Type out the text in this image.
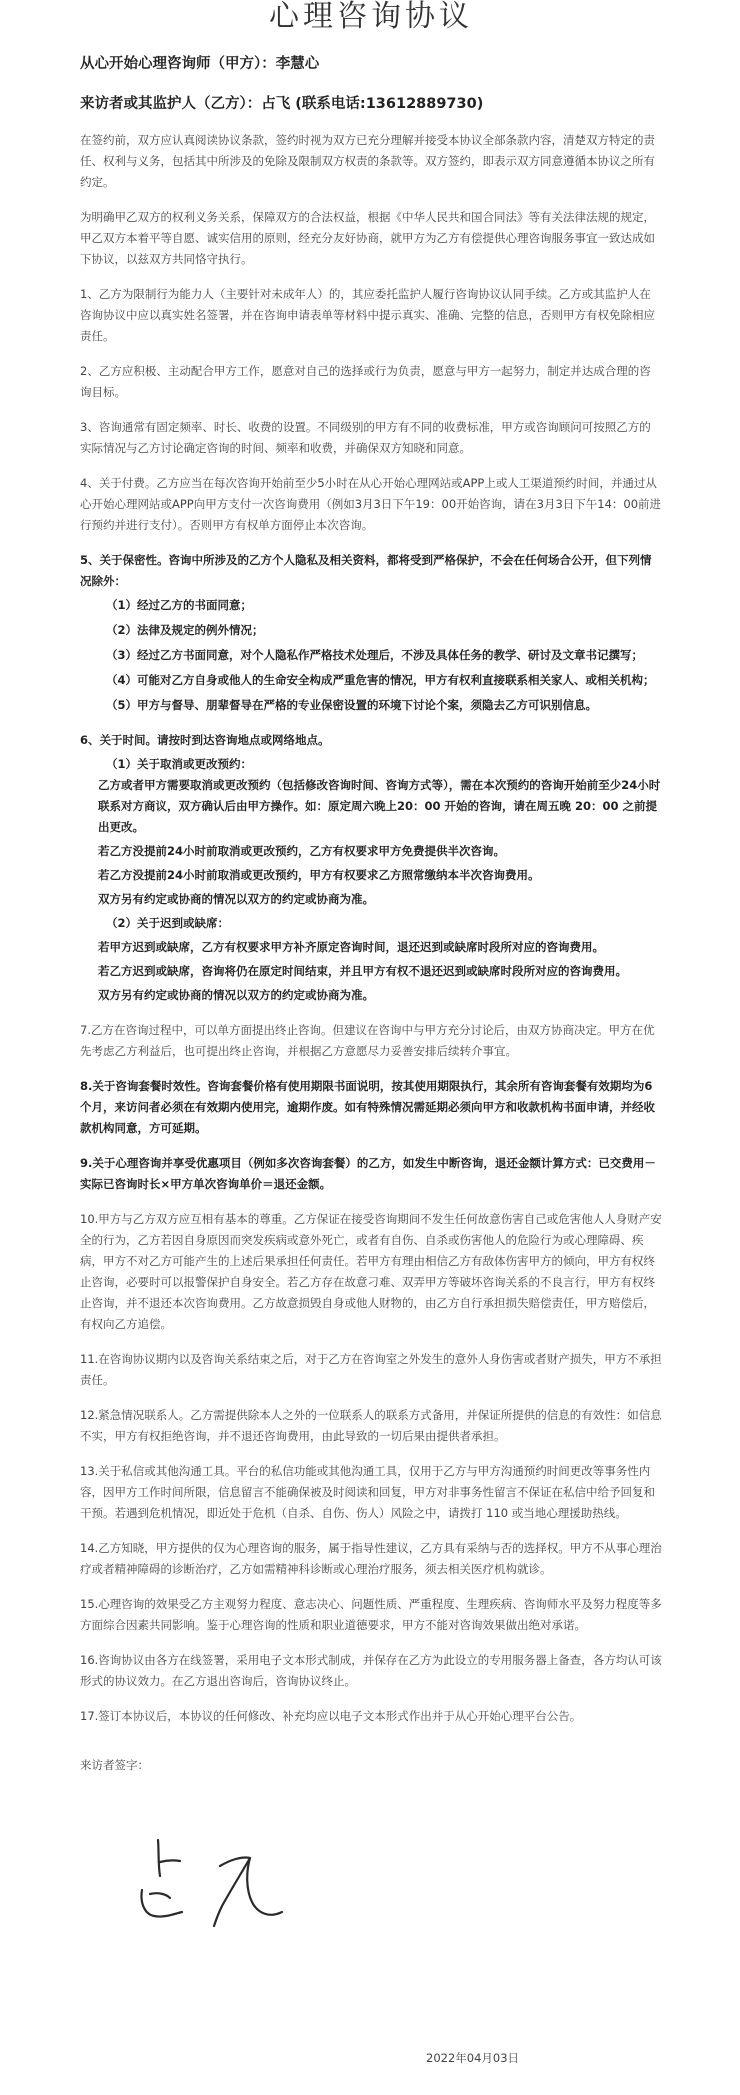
心理咨询协议
从心开始心理咨询师（甲方）：李慧心
来访者或其监护人（乙方）：占飞 (联系电话:13612889730)

在签约前，双方应认真阅读协议条款，签约时视为双方已充分理解并接受本协议全部条款内容，清楚双方特定的责任、权利与义务，包括其中所涉及的免除及限制双方权责的条款等。双方签约，即表示双方同意遵循本协议之所有约定。

为明确甲乙双方的权利义务关系，保障双方的合法权益，根据《中华人民共和国合同法》等有关法律法规的规定，甲乙双方本着平等自愿、诚实信用的原则，经充分友好协商，就甲方为乙方有偿提供心理咨询服务事宜一致达成如下协议，以兹双方共同恪守执行。

1、乙方为限制行为能力人（主要针对未成年人）的，其应委托监护人履行咨询协议认同手续。乙方或其监护人在咨询协议中应以真实姓名签署，并在咨询申请表单等材料中提示真实、准确、完整的信息，否则甲方有权免除相应责任。

2、乙方应积极、主动配合甲方工作，愿意对自己的选择或行为负责，愿意与甲方一起努力，制定并达成合理的咨询目标。

3、咨询通常有固定频率、时长、收费的设置。不同级别的甲方有不同的收费标准，甲方或咨询顾问可按照乙方的实际情况与乙方讨论确定咨询的时间、频率和收费，并确保双方知晓和同意。

4、关于付费。乙方应当在每次咨询开始前至少5小时在从心开始心理网站或APP上或人工渠道预约时间，并通过从心开始心理网站或APP向甲方支付一次咨询费用（例如3月3日下午19：00开始咨询，请在3月3日下午14：00前进行预约并进行支付）。否则甲方有权单方面停止本次咨询。

5、关于保密性。咨询中所涉及的乙方个人隐私及相关资料，都将受到严格保护，不会在任何场合公开，但下列情况除外：

（1）经过乙方的书面同意；
（2）法律及规定的例外情况；
（3）经过乙方书面同意，对个人隐私作严格技术处理后，不涉及具体任务的教学、研讨及文章书记撰写；
（4）可能对乙方自身或他人的生命安全构成严重危害的情况，甲方有权利直接联系相关家人、或相关机构；
（5）甲方与督导、朋辈督导在严格的专业保密设置的环境下讨论个案，须隐去乙方可识别信息。

6、关于时间。请按时到达咨询地点或网络地点。

（1）关于取消或更改预约：
乙方或者甲方需要取消或更改预约（包括修改咨询时间、咨询方式等），需在本次预约的咨询开始前至少24小时联系对方商议，双方确认后由甲方操作。如：原定周六晚上20：00 开始的咨询，请在周五晚 20：00 之前提出更改。
若乙方没提前24小时前取消或更改预约，乙方有权要求甲方免费提供半次咨询。
若乙方没提前24小时前取消或更改预约，甲方有权要求乙方照常缴纳本半次咨询费用。
双方另有约定或协商的情况以双方的约定或协商为准。
（2）关于迟到或缺席：
若甲方迟到或缺席，乙方有权要求甲方补齐原定咨询时间，退还迟到或缺席时段所对应的咨询费用。
若乙方迟到或缺席，咨询将仍在原定时间结束，并且甲方有权不退还迟到或缺席时段所对应的咨询费用。
双方另有约定或协商的情况以双方的约定或协商为准。

7.乙方在咨询过程中，可以单方面提出终止咨询。但建议在咨询中与甲方充分讨论后，由双方协商决定。甲方在优先考虑乙方利益后，也可提出终止咨询，并根据乙方意愿尽力妥善安排后续转介事宜。

8.关于咨询套餐时效性。咨询套餐价格有使用期限书面说明，按其使用期限执行，其余所有咨询套餐有效期均为6个月，来访问者必须在有效期内使用完，逾期作废。如有特殊情况需延期必须向甲方和收款机构书面申请，并经收款机构同意，方可延期。

9.关于心理咨询并享受优惠项目（例如多次咨询套餐）的乙方，如发生中断咨询，退还金额计算方式：已交费用－实际已咨询时长×甲方单次咨询单价＝退还金额。

10.甲方与乙方双方应互相有基本的尊重。乙方保证在接受咨询期间不发生任何故意伤害自己或危害他人人身财产安全的行为，乙方若因自身原因而突发疾病或意外死亡，或者有自伤、自杀或伤害他人的危险行为或心理障碍、疾病，甲方不对乙方可能产生的上述后果承担任何责任。若甲方有理由相信乙方有敌体伤害甲方的倾向，甲方有权终止咨询，必要时可以报警保护自身安全。若乙方存在故意刁难、双弄甲方等破坏咨询关系的不良言行，甲方有权终止咨询，并不退还本次咨询费用。乙方故意损毁自身或他人财物的，由乙方自行承担损失赔偿责任，甲方赔偿后，有权向乙方追偿。

11.在咨询协议期内以及咨询关系结束之后，对于乙方在咨询室之外发生的意外人身伤害或者财产损失，甲方不承担责任。

12.紧急情况联系人。乙方需提供除本人之外的一位联系人的联系方式备用，并保证所提供的信息的有效性：如信息不实，甲方有权拒绝咨询，并不退还咨询费用，由此导致的一切后果由提供者承担。

13.关于私信或其他沟通工具。平台的私信功能或其他沟通工具，仅用于乙方与甲方沟通预约时间更改等事务性内容，因甲方工作时间所限，信息留言不能确保被及时阅读和回复，甲方对非事务性留言不保证在私信中给予回复和干预。若遇到危机情况，即近处于危机（自杀、自伤、伤人）风险之中，请拨打 110 或当地心理援助热线。

14.乙方知晓，甲方提供的仅为心理咨询的服务，属于指导性建议，乙方具有采纳与否的选择权。甲方不从事心理治疗或者精神障碍的诊断治疗，乙方如需精神科诊断或心理治疗服务，须去相关医疗机构就诊。

15.心理咨询的效果受乙方主观努力程度、意志决心、问题性质、严重程度、生理疾病、咨询师水平及努力程度等多方面综合因素共同影响。鉴于心理咨询的性质和职业道德要求，甲方不能对咨询效果做出绝对承诺。

16.咨询协议由各方在线签署，采用电子文本形式制成，并保存在乙方为此设立的专用服务器上备查，各方均认可该形式的协议效力。在乙方退出咨询后，咨询协议终止。

17.签订本协议后，本协议的任何修改、补充均应以电子文本形式作出并于从心开始心理平台公告。

来访者签字：
2022年04月03日
